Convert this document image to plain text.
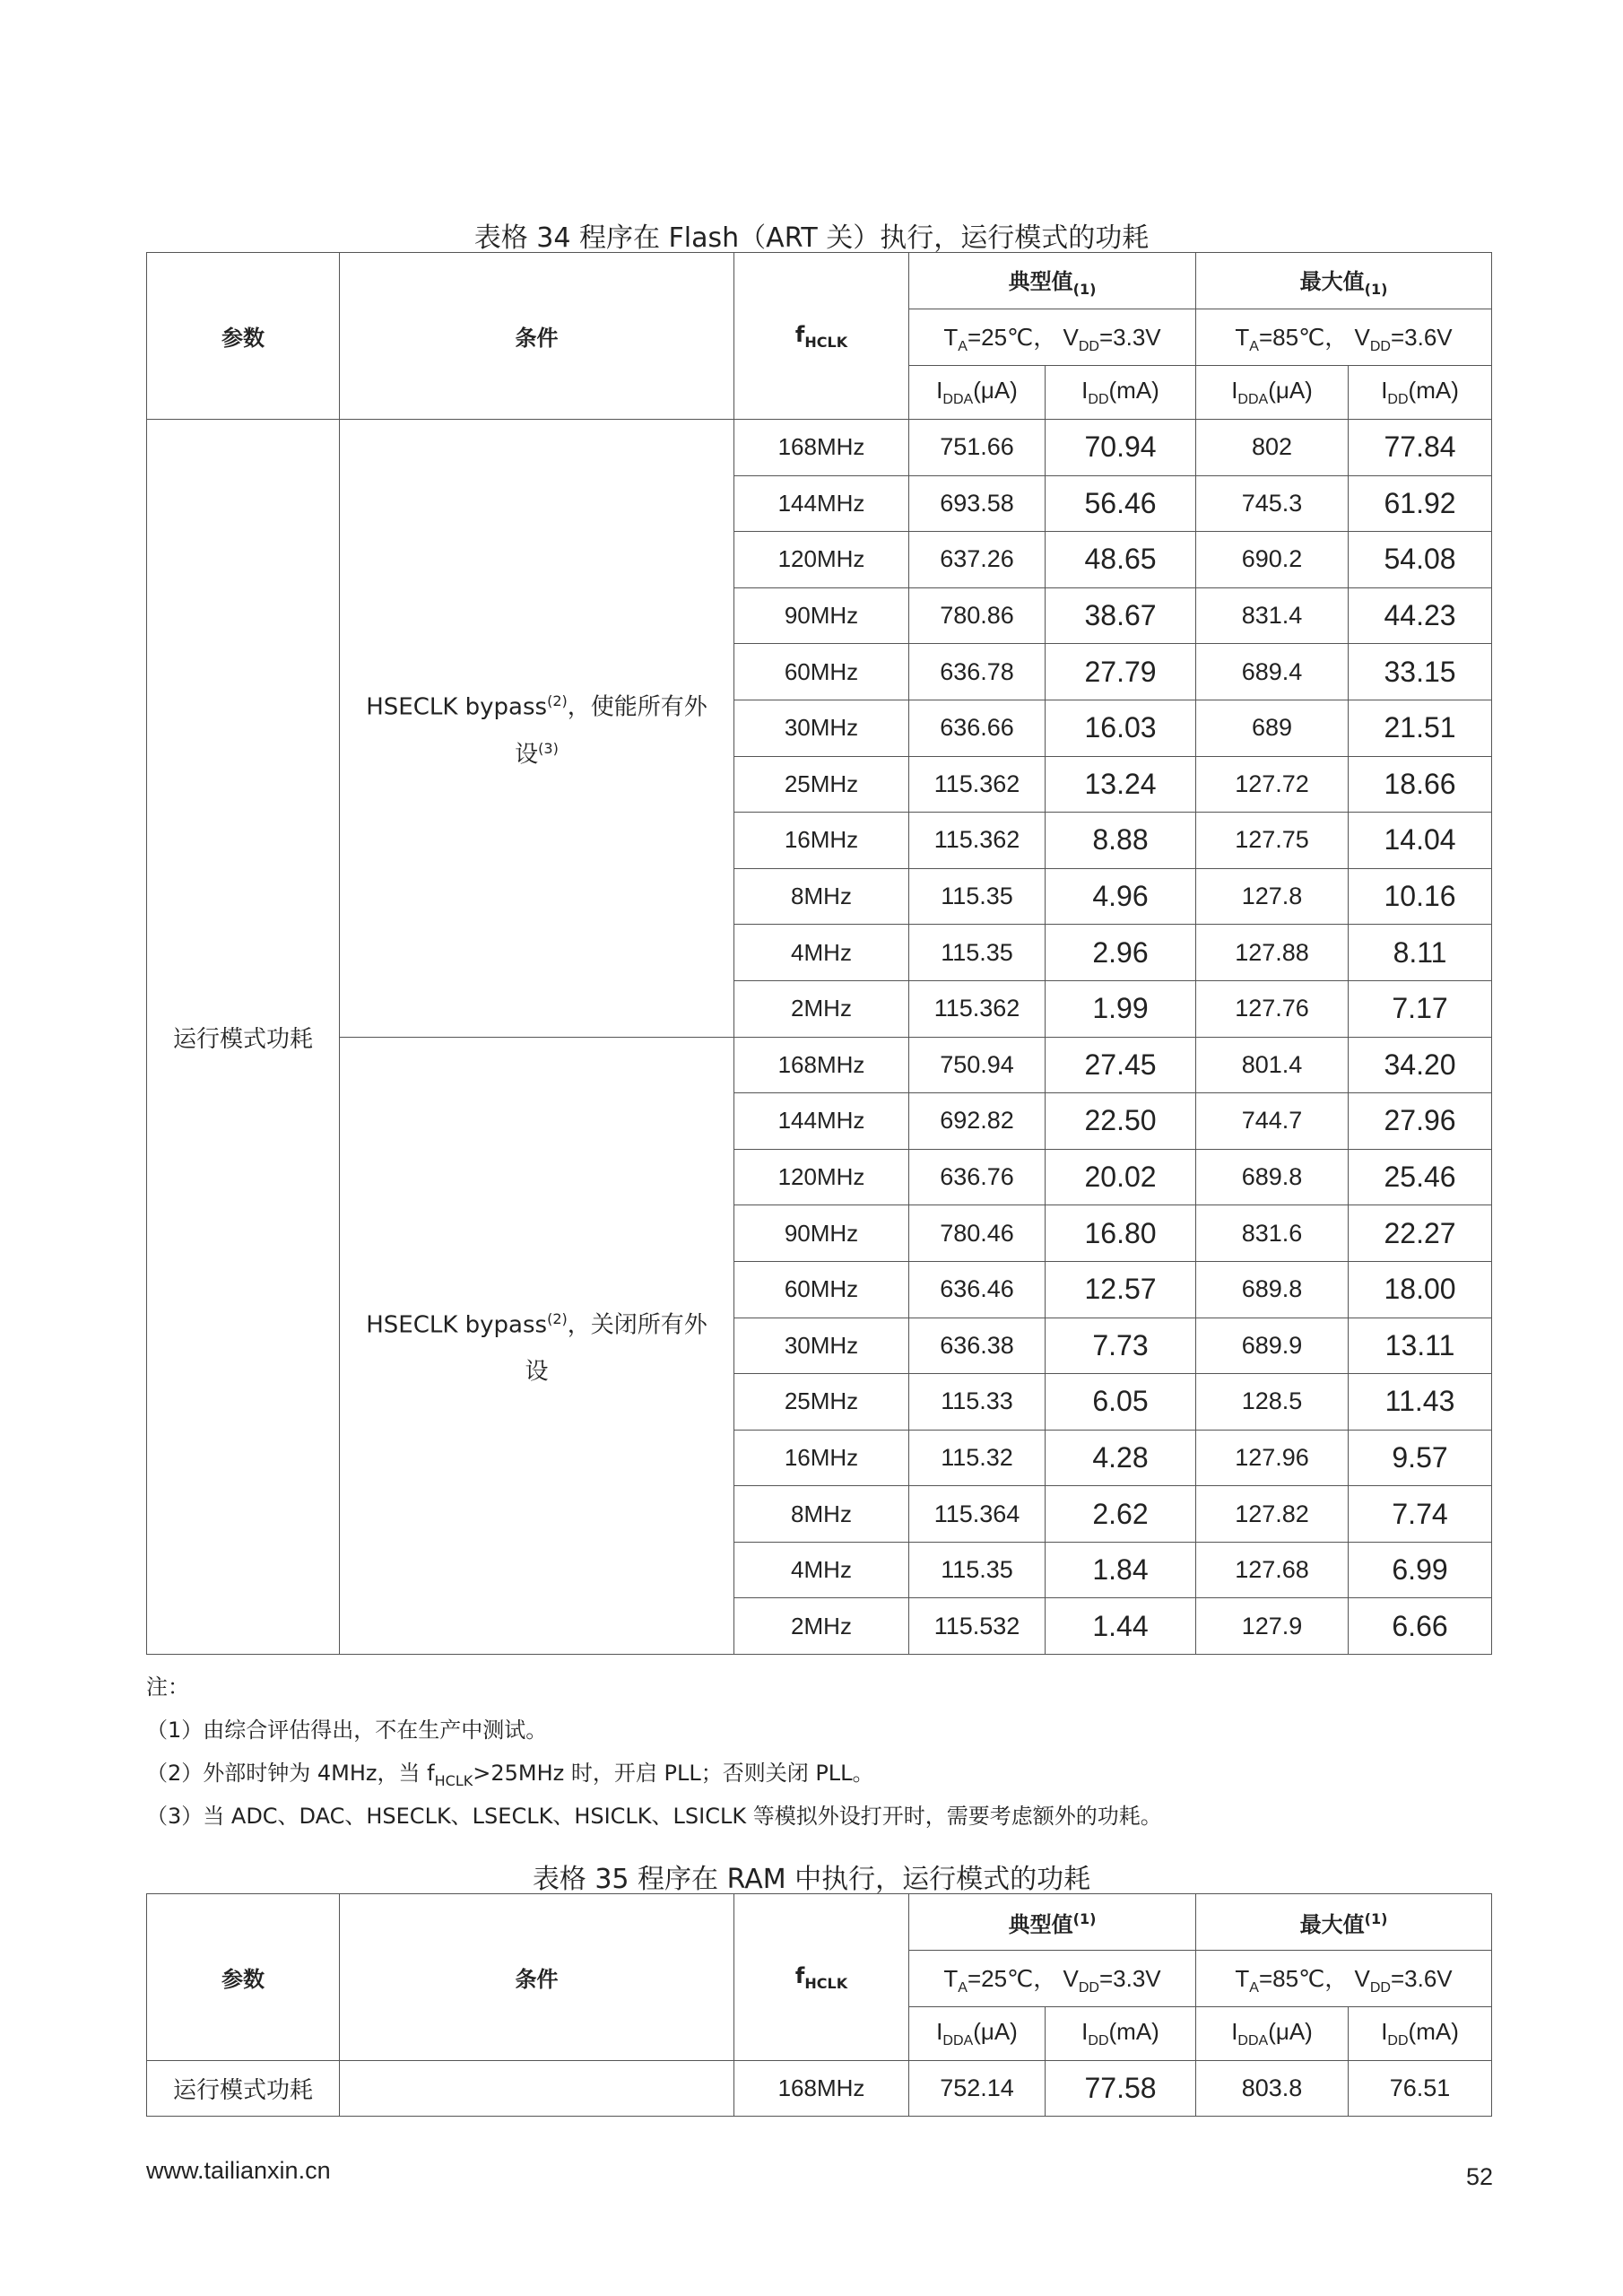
表格 34 程序在 Flash（ART 关）执行，运行模式的功耗
参数	条件	$f_{HCLK}$	典型值$_{(1)}$		最大值$_{(1)}$
			$T_A=25℃$， $V_{DD}=3.3V$		$T_A=85℃$， $V_{DD}=3.6V$	
			$I_{DDA}(\mu A)$	$I_{DD}(mA)$	$I_{DDA}(\mu A)$	$I_{DD}(mA)$
运行模式功耗	HSECLK bypass$^{(2)}$，使能所有外
设$^{(3)}$	168MHz	751.66	70.94	802	77.84
		144MHz	693.58	56.46	745.3	61.92
		120MHz	637.26	48.65	690.2	54.08
		90MHz	780.86	38.67	831.4	44.23
		60MHz	636.78	27.79	689.4	33.15
		30MHz	636.66	16.03	689	21.51
		25MHz	115.362	13.24	127.72	18.66
		16MHz	115.362	8.88	127.75	14.04
		8MHz	115.35	4.96	127.8	10.16
		4MHz	115.35	2.96	127.88	8.11
		2MHz	115.362	1.99	127.76	7.17
	HSECLK bypass$^{(2)}$，关闭所有外
设	168MHz	750.94	27.45	801.4	34.20
		144MHz	692.82	22.50	744.7	27.96
		120MHz	636.76	20.02	689.8	25.46
		90MHz	780.46	16.80	831.6	22.27
		60MHz	636.46	12.57	689.8	18.00
		30MHz	636.38	7.73	689.9	13.11
		25MHz	115.33	6.05	128.5	11.43
		16MHz	115.32	4.28	127.96	9.57
		8MHz	115.364	2.62	127.82	7.74
		4MHz	115.35	1.84	127.68	6.99
		2MHz	115.532	1.44	127.9	6.66
注：
（1）由综合评估得出，不在生产中测试。
（2）外部时钟为 4MHz，当 $f_{HCLK}>25MHz$ 时，开启 PLL；否则关闭 PLL。
（3）当 ADC、DAC、HSECLK、LSECLK、HSICLK、LSICLK 等模拟外设打开时，需要考虑额外的功耗。
表格 35 程序在 RAM 中执行，运行模式的功耗
参数	条件	$f_{HCLK}$	典型值$^{(1)}$		最大值$^{(1)}$
			$T_A=25℃$， $V_{DD}=3.3V$		$T_A=85℃$， $V_{DD}=3.6V$	
			$I_{DDA}(\mu A)$	$I_{DD}(mA)$	$I_{DDA}(\mu A)$	$I_{DD}(mA)$
运行模式功耗		168MHz	752.14	77.58	803.8	76.51
www.tailianxin.cn	52
